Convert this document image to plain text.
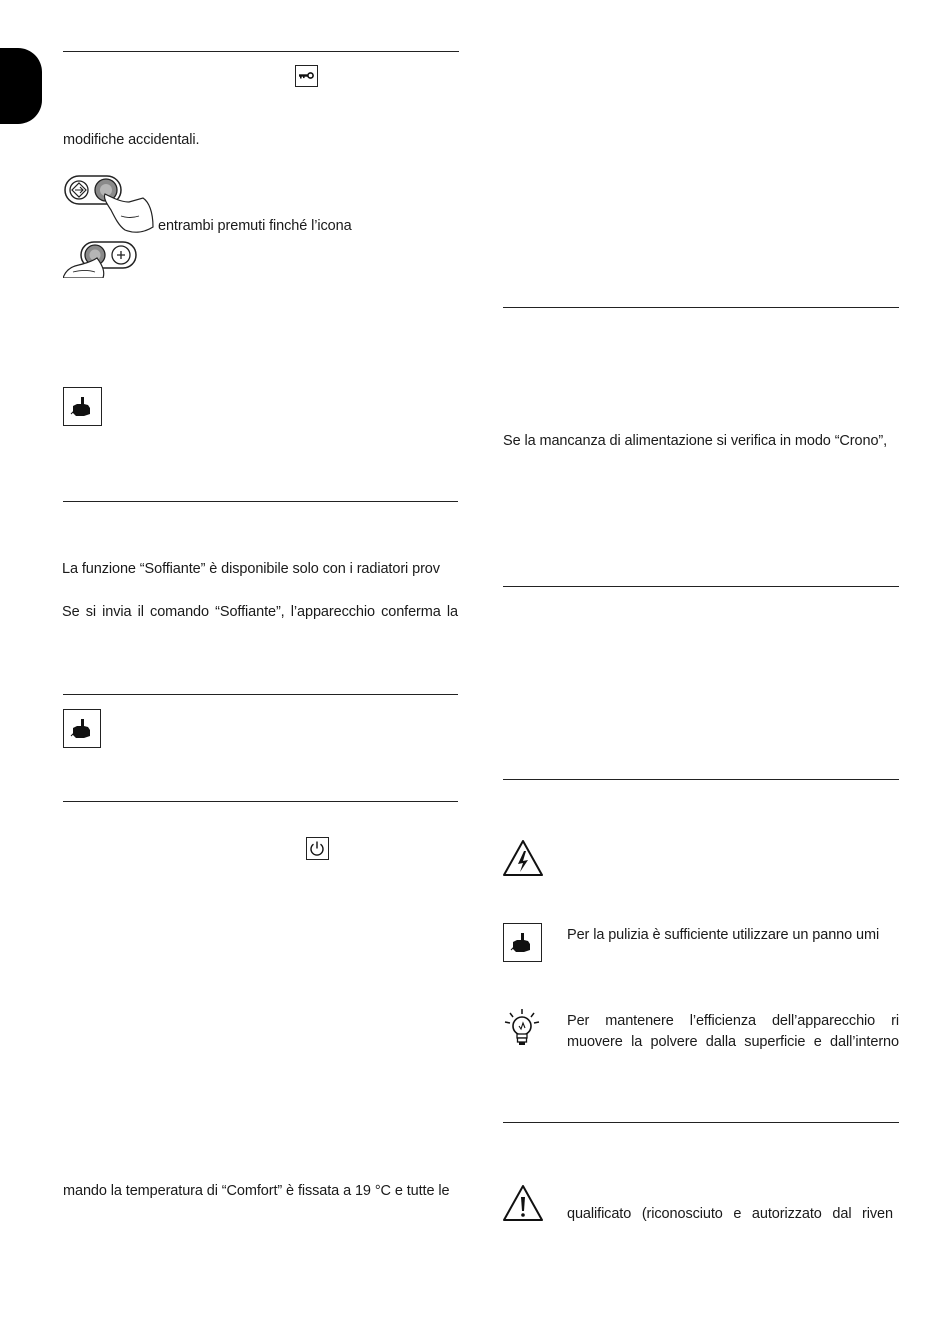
modifiche accidentali.
entrambi premuti finché l’icona
La funzione “Soffiante” è disponibile solo con i radiatori prov
Se si invia il comando “Soffiante”, l’apparecchio conferma la
mando la temperatura di “Comfort” è fissata a 19 °C e tutte le
Se la mancanza di alimentazione si verifica in modo “Crono”,
Per la pulizia è sufficiente utilizzare un panno umi
Per mantenere l’efficienza dell’apparecchio ri
muovere la polvere dalla superficie e dall’interno
qualificato (riconosciuto e autorizzato dal riven
